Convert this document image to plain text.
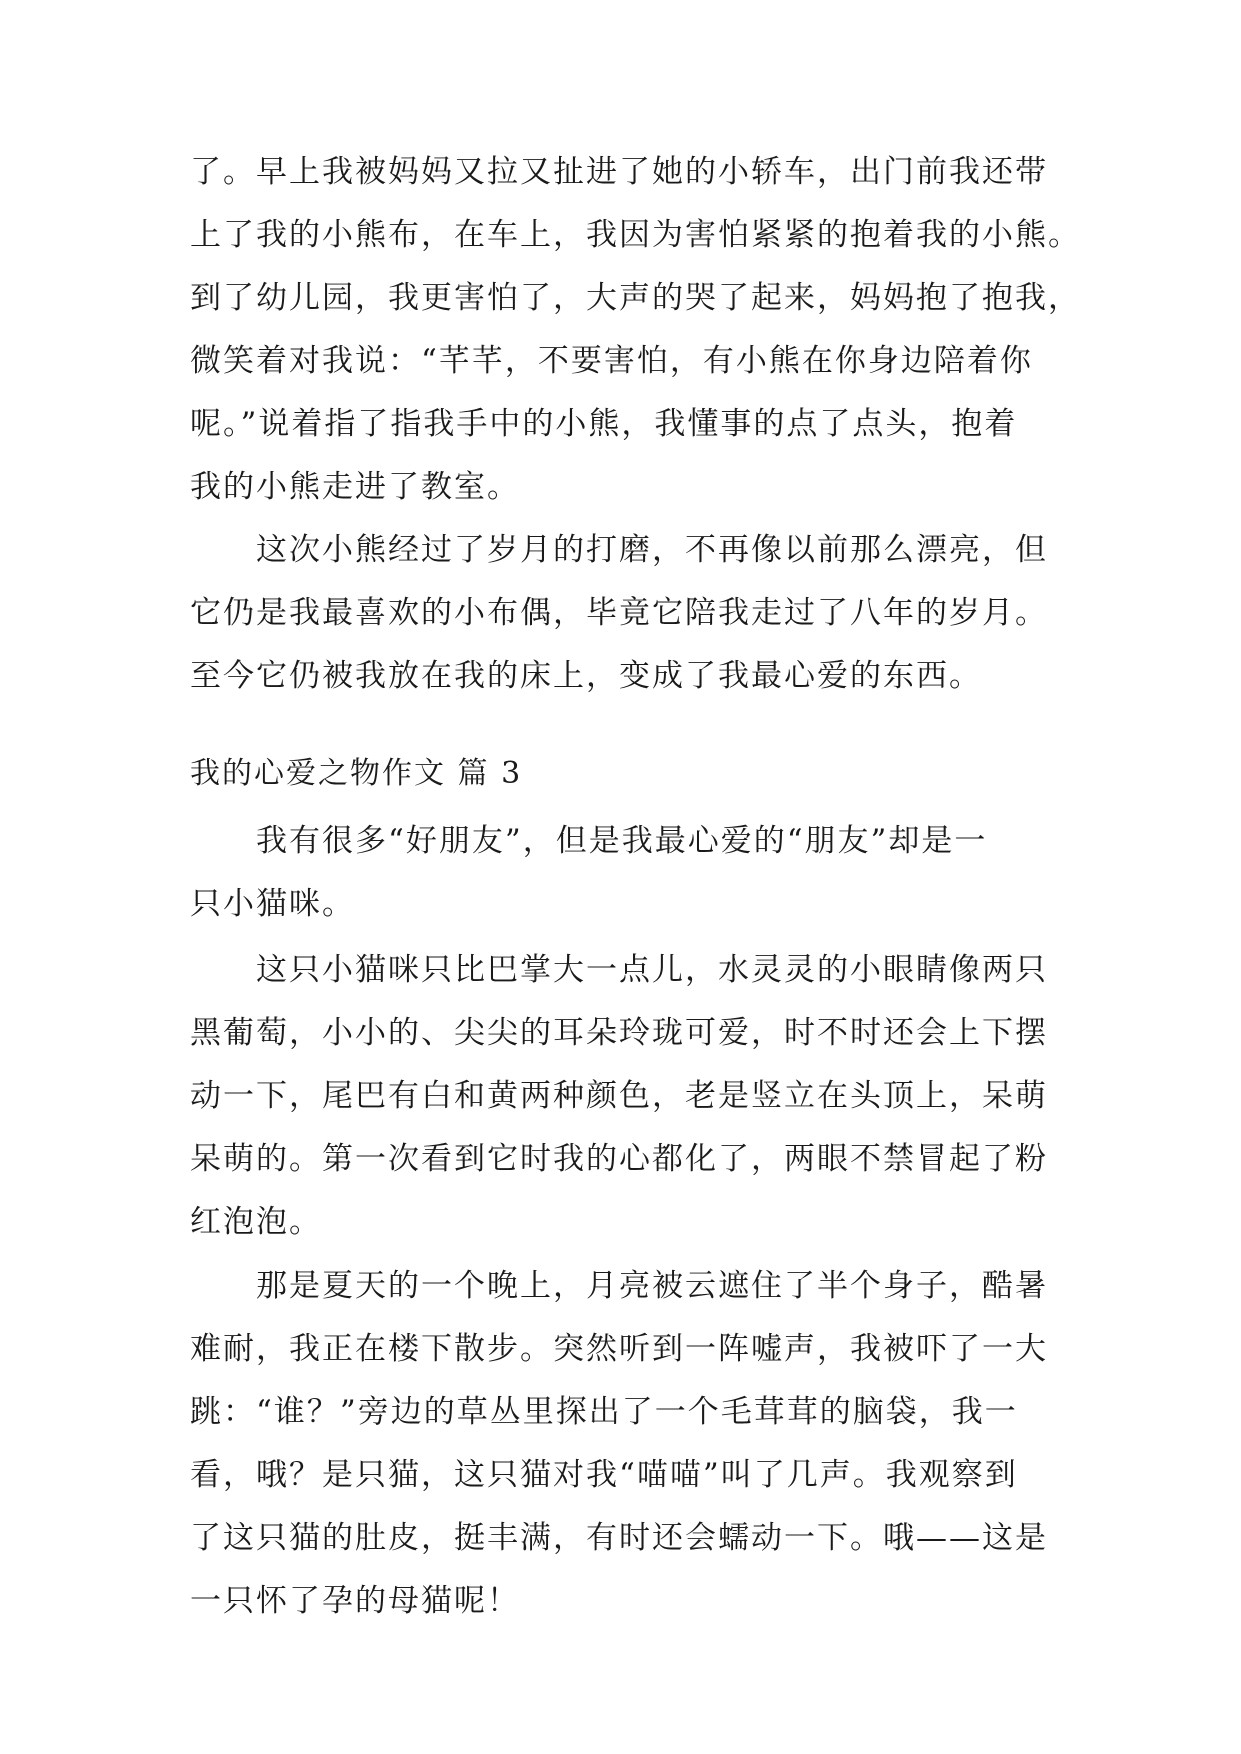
了。早上我被妈妈又拉又扯进了她的小轿车，出门前我还带
上了我的小熊布，在车上，我因为害怕紧紧的抱着我的小熊。
到了幼儿园，我更害怕了，大声的哭了起来，妈妈抱了抱我，
微笑着对我说：“芊芊，不要害怕，有小熊在你身边陪着你
呢。”说着指了指我手中的小熊，我懂事的点了点头，抱着
我的小熊走进了教室。
这次小熊经过了岁月的打磨，不再像以前那么漂亮，但
它仍是我最喜欢的小布偶，毕竟它陪我走过了八年的岁月。
至今它仍被我放在我的床上，变成了我最心爱的东西。
我的心爱之物作文 篇 3
我有很多“好朋友”，但是我最心爱的“朋友”却是一
只小猫咪。
这只小猫咪只比巴掌大一点儿，水灵灵的小眼睛像两只
黑葡萄，小小的、尖尖的耳朵玲珑可爱，时不时还会上下摆
动一下，尾巴有白和黄两种颜色，老是竖立在头顶上，呆萌
呆萌的。第一次看到它时我的心都化了，两眼不禁冒起了粉
红泡泡。
那是夏天的一个晚上，月亮被云遮住了半个身子，酷暑
难耐，我正在楼下散步。突然听到一阵嘘声，我被吓了一大
跳：“谁？”旁边的草丛里探出了一个毛茸茸的脑袋，我一
看，哦？是只猫，这只猫对我“喵喵”叫了几声。我观察到
了这只猫的肚皮，挺丰满，有时还会蠕动一下。哦——这是
一只怀了孕的母猫呢！
